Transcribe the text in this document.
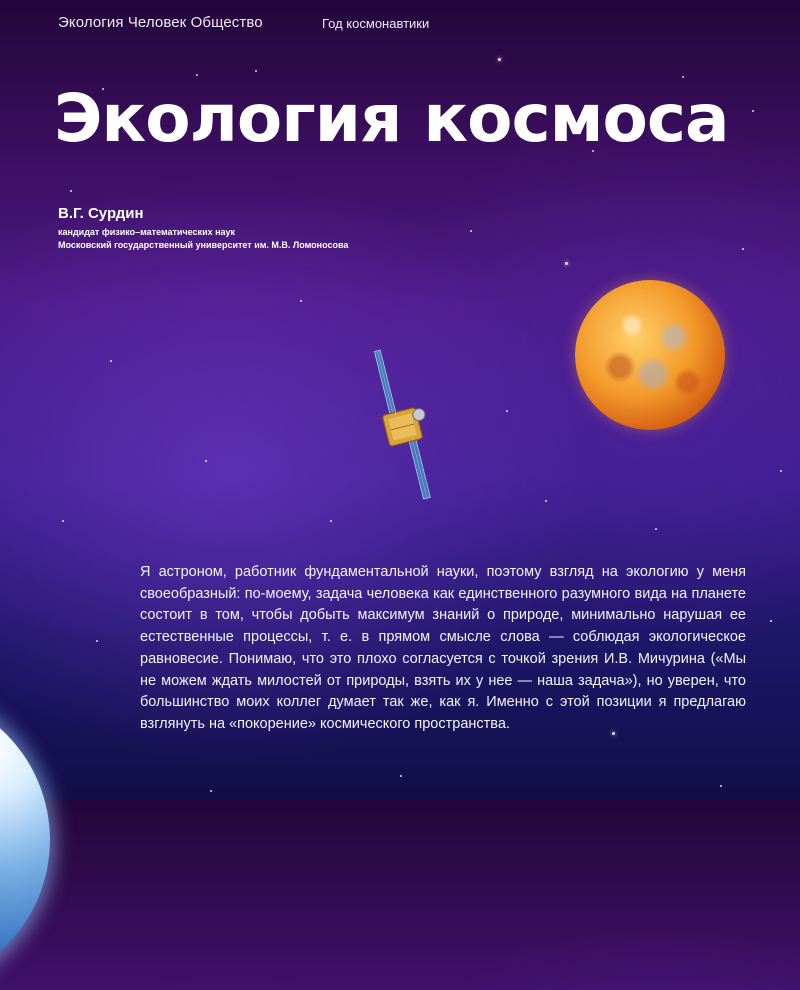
Экология Человек Общество	Год космонавтики
Экология космоса
В.Г. Сурдин
кандидат физико–математических наук
Московский государственный университет им. М.В. Ломоносова

Я астроном, работник фундаментальной науки, поэтому взгляд на экологию у меня своеобразный: по-моему, задача человека как единственного разумного вида на планете состоит в том, чтобы добыть максимум знаний о природе, минимально нарушая ее естественные процессы, т. е. в прямом смысле слова — соблюдая экологическое равновесие. Понимаю, что это плохо согласуется с точкой зрения И.В. Мичурина («Мы не можем ждать милостей от природы, взять их у нее — наша задача»), но уверен, что большинство моих коллег думает так же, как я. Именно с этой позиции я предлагаю взглянуть на «покорение» космического пространства.
